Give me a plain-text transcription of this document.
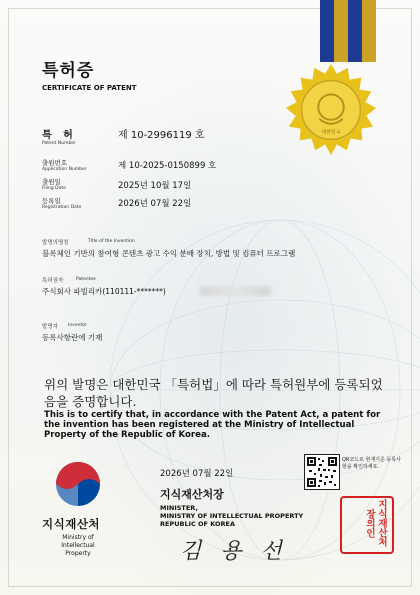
대한민국
특허증
CERTIFICATE OF PATENT
특 허
Patent Number
제 10-2996119 호
출원번호
Application Number	제 10-2025-0150899 호
출원일
Filing Date	2025년 10월 17일
등록일
Registration Date	2026년 07월 22일
발명의명칭	Title of the Invention
블록체인 기반의 참여형 콘텐츠 광고 수익 분배 장치, 방법 및 컴퓨터 프로그램
특허권자	Patentee
주식회사 파빌리카(110111-*******)
발명자 Inventor
등록사항란에 기재
위의 발명은 대한민국 「특허법」에 따라 특허원부에 등록되었음을 증명합니다.
This is to certify that, in accordance with the Patent Act, a patent for the invention has been registered at the Ministry of Intellectual Property of the Republic of Korea.
2026년 07월 22일
QR코드로 현재기준 등록사항을 확인하세요.
지식재산처장
MINISTER,
MINISTRY OF INTELLECTUAL PROPERTY
REPUBLIC OF KOREA
김 용 선
지식재산처장의인
지식재산처
Ministry of Intellectual Property
